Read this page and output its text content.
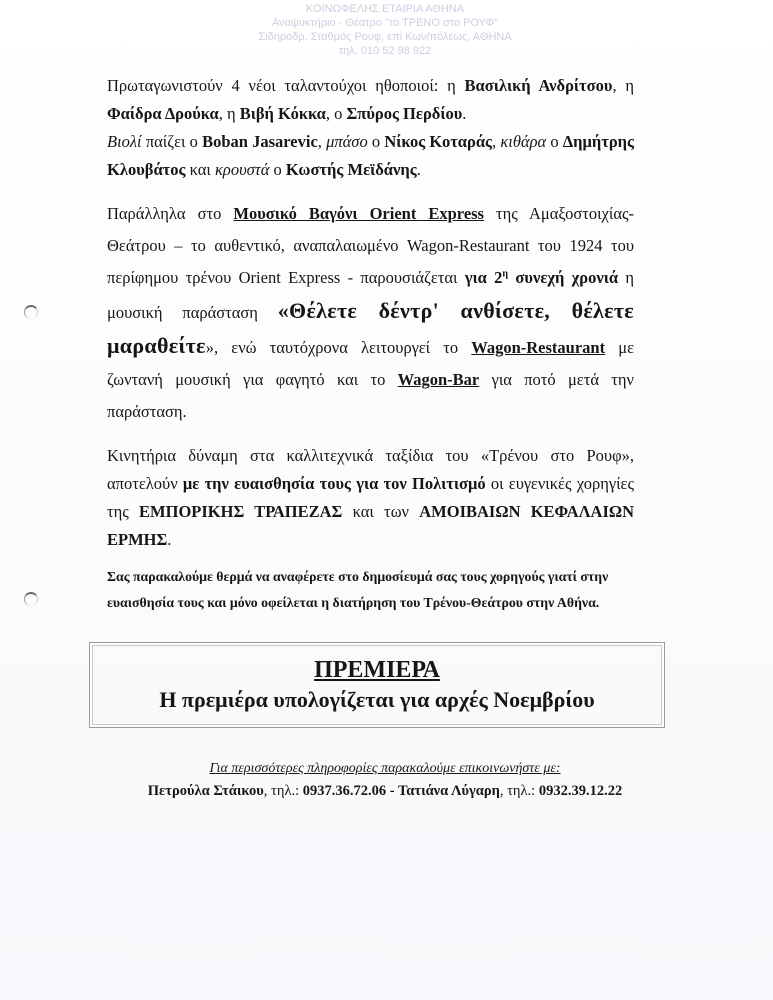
ΚΟΙΝΩΦΕΛΗΣ ΕΤΑΙΡΙΑ ΑΘΗΝΑ
Αναψυκτήριο - Θέατρο "το ΤΡΕΝΟ στο ΡΟΥΦ"
Σιδηροδρ. Σταθμός Ρουφ, επί Κων/πόλεως, ΑΘΗΝΑ
τηλ. 010 52 98 922

Πρωταγωνιστούν 4 νέοι ταλαντούχοι ηθοποιοί: η Βασιλική Ανδρίτσου, η Φαίδρα Δρούκα, η Βιβή Κόκκα, ο Σπύρος Περδίου.

Βιολί παίζει ο Boban Jasarevic, μπάσο ο Νίκος Κοταράς, κιθάρα ο Δημήτρης Κλουβάτος και κρουστά ο Κωστής Μεϊδάνης.

Παράλληλα στο Μουσικό Βαγόνι Orient Express της Αμαξοστοιχίας-Θεάτρου – το αυθεντικό, αναπαλαιωμένο Wagon-Restaurant του 1924 του περίφημου τρένου Orient Express - παρουσιάζεται για $2^\eta$ συνεχή χρονιά η μουσική παράσταση «Θέλετε δέντρ' ανθίσετε, θέλετε μαραθείτε», ενώ ταυτόχρονα λειτουργεί το Wagon-Restaurant με ζωντανή μουσική για φαγητό και το Wagon-Bar για ποτό μετά την παράσταση.

Κινητήρια δύναμη στα καλλιτεχνικά ταξίδια του «Τρένου στο Ρουφ», αποτελούν με την ευαισθησία τους για τον Πολιτισμό οι ευγενικές χορηγίες της ΕΜΠΟΡΙΚΗΣ ΤΡΑΠΕΖΑΣ και των ΑΜΟΙΒΑΙΩΝ ΚΕΦΑΛΑΙΩΝ ΕΡΜΗΣ.

Σας παρακαλούμε θερμά να αναφέρετε στο δημοσίευμά σας τους χορηγούς γιατί στην ευαισθησία τους και μόνο οφείλεται η διατήρηση του Τρένου-Θεάτρου στην Αθήνα.

ΠΡΕΜΙΕΡΑ
Η πρεμιέρα υπολογίζεται για αρχές Νοεμβρίου
Για περισσότερες πληροφορίες παρακαλούμε επικοινωνήστε με:
Πετρούλα Στάικου, τηλ.: 0937.36.72.06 - Τατιάνα Λύγαρη, τηλ.: 0932.39.12.22
